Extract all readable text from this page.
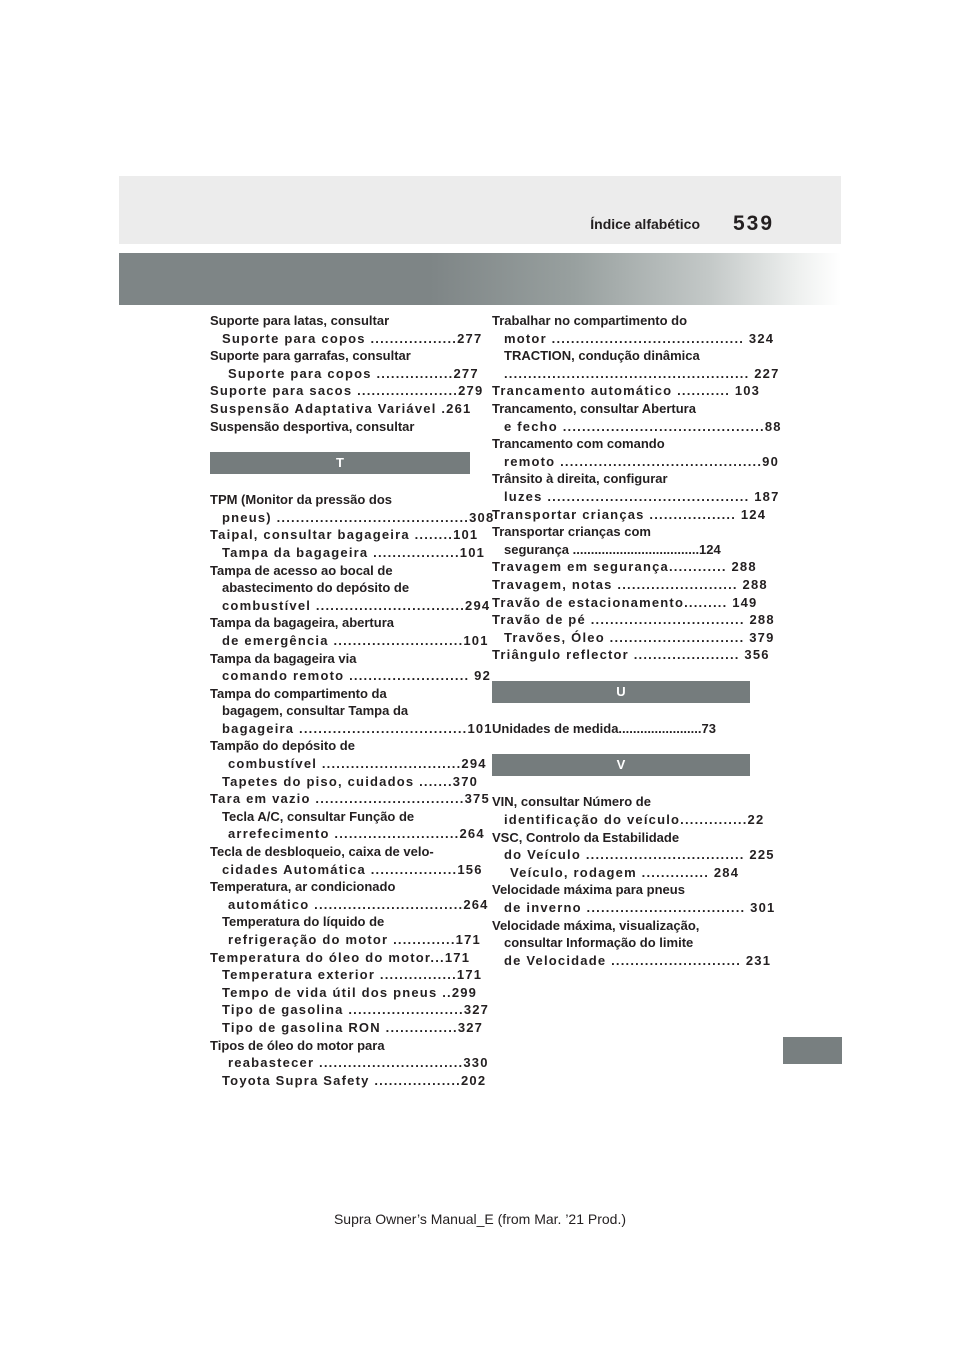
Índice alfabético 539
Suporte para latas, consultar
Suporte para copos ..................277
Suporte para garrafas, consultar
Suporte para copos ................277
Suporte para sacos .....................279
Suspensão Adaptativa Variável .261
Suspensão desportiva, consultar
T
TPM (Monitor da pressão dos
pneus) ........................................308
Taipal, consultar bagageira ........101
Tampa da bagageira ..................101
Tampa de acesso ao bocal de
abastecimento do depósito de
combustível ...............................294
Tampa da bagageira, abertura
de emergência ...........................101
Tampa da bagageira via
comando remoto ......................... 92
Tampa do compartimento da
bagagem, consultar Tampa da
bagageira ...................................101
Tampão do depósito de
combustível .............................294
Tapetes do piso, cuidados .......370
Tara em vazio ...............................375
Tecla A/C, consultar Função de
arrefecimento ..........................264
Tecla de desbloqueio, caixa de velo-
cidades Automática ..................156
Temperatura, ar condicionado
automático ...............................264
Temperatura do líquido de
refrigeração do motor .............171
Temperatura do óleo do motor...171
Temperatura exterior ................171
Tempo de vida útil dos pneus ..299
Tipo de gasolina ........................327
Tipo de gasolina RON ...............327
Tipos de óleo do motor para
reabastecer ..............................330
Toyota Supra Safety ..................202
Trabalhar no compartimento do
motor ........................................ 324
TRACTION, condução dinâmica
................................................... 227
Trancamento automático ........... 103
Trancamento, consultar Abertura
e fecho ..........................................88
Trancamento com comando
remoto ..........................................90
Trânsito à direita, configurar
luzes .......................................... 187
Transportar crianças .................. 124
Transportar crianças com
segurança ...................................124
Travagem em segurança............ 288
Travagem, notas ......................... 288
Travão de estacionamento......... 149
Travão de pé ................................ 288
Travões, Óleo ............................ 379
Triângulo reflector ...................... 356
U
Unidades de medida.......................73
V
VIN, consultar Número de
identificação do veículo..............22
VSC, Controlo da Estabilidade
do Veículo ................................. 225
Veículo, rodagem .............. 284
Velocidade máxima para pneus
de inverno ................................. 301
Velocidade máxima, visualização,
consultar Informação do limite
de Velocidade ........................... 231
Supra Owner’s Manual_E (from Mar. ’21 Prod.)
